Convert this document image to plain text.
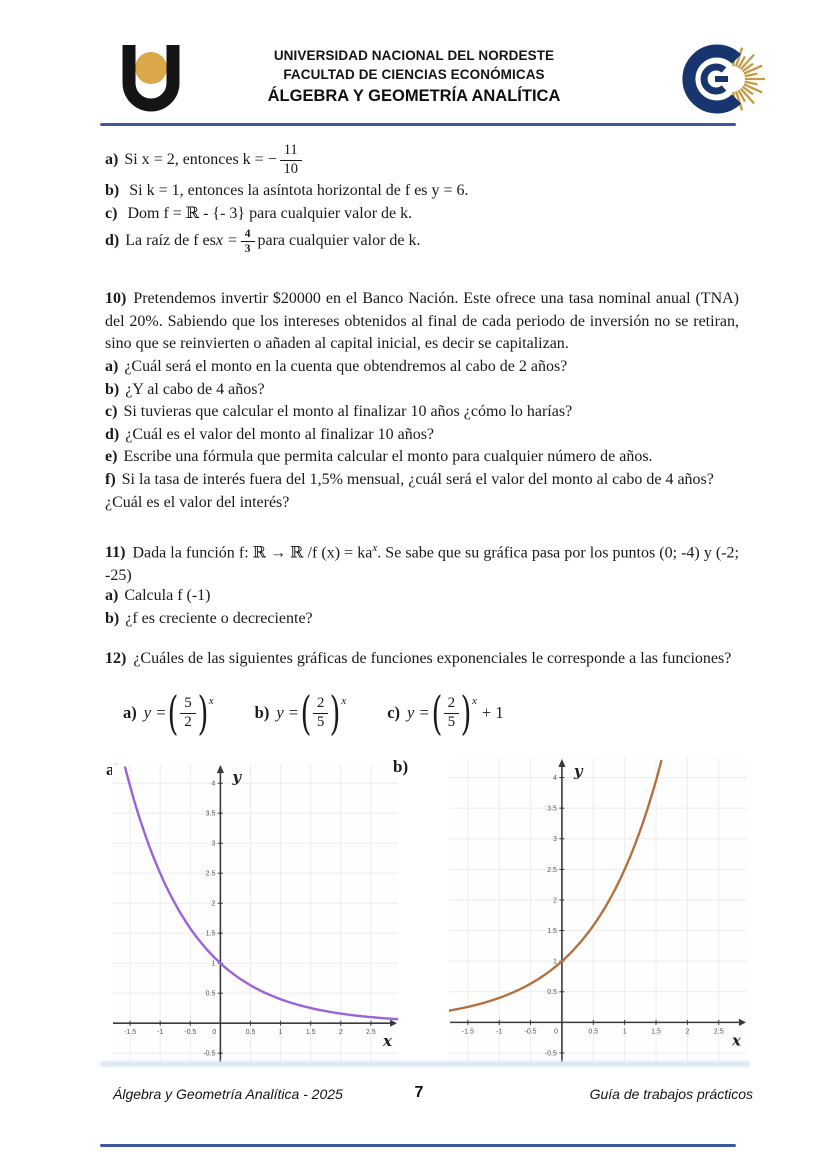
UNIVERSIDAD NACIONAL DEL NORDESTE
FACULTAD DE CIENCIAS ECONÓMICAS
ÁLGEBRA Y GEOMETRÍA ANALÍTICA
a) Si x = 2, entonces k = − $\frac{11}{10}$
b) Si k = 1, entonces la asíntota horizontal de f es y = 6.
c) Dom f = ℝ - {- 3} para cualquier valor de k.
d) La raíz de f es $x = \frac{4}{3}$ para cualquier valor de k.

10) Pretendemos invertir $20000 en el Banco Nación. Este ofrece una tasa nominal anual (TNA) del 20%. Sabiendo que los intereses obtenidos al final de cada periodo de inversión no se retiran, sino que se reinvierten o añaden al capital inicial, es decir se capitalizan.

a) ¿Cuál será el monto en la cuenta que obtendremos al cabo de 2 años?
b) ¿Y al cabo de 4 años?
c) Si tuvieras que calcular el monto al finalizar 10 años ¿cómo lo harías?
d) ¿Cuál es el valor del monto al finalizar 10 años?
e) Escribe una fórmula que permita calcular el monto para cualquier número de años.
f) Si la tasa de interés fuera del 1,5% mensual, ¿cuál será el valor del monto al cabo de 4 años? ¿Cuál es el valor del interés?

11) Dada la función f: ℝ → ℝ /f $(x) = ka^x$. Se sabe que su gráfica pasa por los puntos (0; -4) y (-2; -25)

a) Calcula f (-1)
b) ¿f es creciente o decreciente?

12) ¿Cuáles de las siguientes gráficas de funciones exponenciales le corresponde a las funciones?

a) y = ( $\frac{5}{2}$ ) x
b) y = ( $\frac{2}{5}$ ) x
c) y = ( $\frac{2}{5}$ ) x
+ 1
a)
-1.5	-1	-0.5 0	0.5	1	1.5	2	2.5
-0.5
0.5
1
1.5
2
2.5
3
3.5
4
x
y
b)
-1.5	-1	-0.5 0	0.5	1	1.5	2	2.5
-0.5
0.5
1
1.5
2
2.5
3
3.5
4
x
y
Álgebra y Geometría Analítica - 2025	7	Guía de trabajos prácticos
